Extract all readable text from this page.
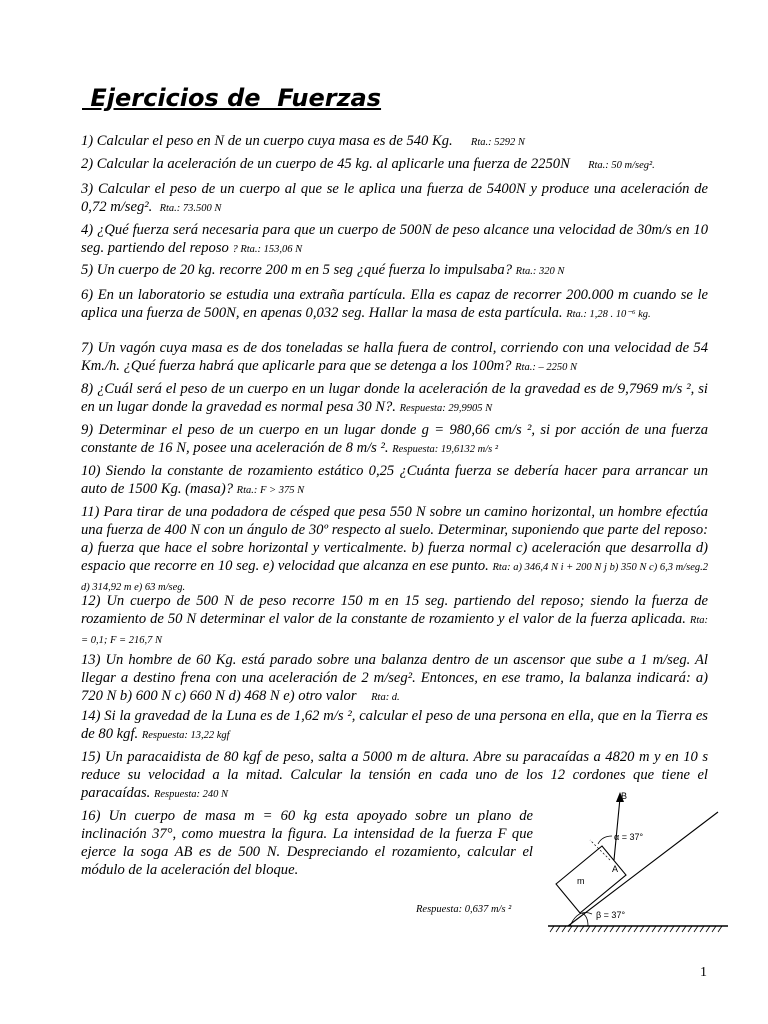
Ejercicios de  Fuerzas

1) Calcular el peso en N de un cuerpo cuya masa es de 540 Kg. Rta.: 5292 N

2) Calcular la aceleración de un cuerpo de 45 kg. al aplicarle una fuerza de 2250N Rta.: 50 m/seg².

3) Calcular el peso de un cuerpo al que se le aplica una fuerza de 5400N y produce una aceleración de 0,72 m/seg². Rta.: 73.500 N

4) ¿Qué fuerza será necesaria para que un cuerpo de 500N de peso alcance una velocidad de 30m/s en 10 seg. partiendo del reposo ? Rta.: 153,06 N

5) Un cuerpo de 20 kg. recorre 200 m en 5 seg ¿qué fuerza lo impulsaba? Rta.: 320 N

6) En un laboratorio se estudia una extraña partícula. Ella es capaz de recorrer 200.000 m cuando se le aplica una fuerza de 500N, en apenas 0,032 seg. Hallar la masa de esta partícula. Rta.: 1,28 . 10⁻⁶ kg.

7) Un vagón cuya masa es de dos toneladas se halla fuera de control, corriendo con una velocidad de 54 Km./h. ¿Qué fuerza habrá que aplicarle para que se detenga a los 100m? Rta.: – 2250 N

8) ¿Cuál será el peso de un cuerpo en un lugar donde la aceleración de la gravedad es de 9,7969 m/s ², si en un lugar donde la gravedad es normal pesa 30 N?. Respuesta: 29,9905 N

9) Determinar el peso de un cuerpo en un lugar donde g = 980,66 cm/s ², si por acción de una fuerza constante de 16 N, posee una aceleración de 8 m/s ². Respuesta: 19,6132 m/s ²

10) Siendo la constante de rozamiento estático 0,25 ¿Cuánta fuerza se debería hacer para arrancar un auto de 1500 Kg. (masa)? Rta.: F > 375 N

11) Para tirar de una podadora de césped que pesa 550 N sobre un camino horizontal, un hombre efectúa una fuerza de 400 N con un ángulo de 30º respecto al suelo. Determinar, suponiendo que parte del reposo: a) fuerza que hace el sobre horizontal y verticalmente. b) fuerza normal c) aceleración que desarrolla d) espacio que recorre en 10 seg. e) velocidad que alcanza en ese punto. Rta: a) 346,4 N i + 200 N j b) 350 N c) 6,3 m/seg.2 d) 314,92 m e) 63 m/seg.

12) Un cuerpo de 500 N de peso recorre 150 m en 15 seg. partiendo del reposo; siendo la fuerza de rozamiento de 50 N determinar el valor de la constante de rozamiento y el valor de la fuerza aplicada. Rta: = 0,1; F = 216,7 N

13) Un hombre de 60 Kg. está parado sobre una balanza dentro de un ascensor que sube a 1 m/seg. Al llegar a destino frena con una aceleración de 2 m/seg². Entonces, en ese tramo, la balanza indicará: a) 720 N b) 600 N c) 660 N d) 468 N e) otro valor Rta: d.

14) Si la gravedad de la Luna es de 1,62 m/s ², calcular el peso de una persona en ella, que en la Tierra es de 80 kgf. Respuesta: 13,22 kgf

15) Un paracaidista de 80 kgf de peso, salta a 5000 m de altura. Abre su paracaídas a 4820 m y en 10 s reduce su velocidad a la mitad. Calcular la tensión en cada uno de los 12 cordones que tiene el paracaídas. Respuesta: 240 N

16) Un cuerpo de masa m = 60 kg esta apoyado sobre un plano de inclinación 37°, como muestra la figura. La intensidad de la fuerza F que ejerce la soga AB es de 500 N. Despreciando el rozamiento, calcular el módulo de la aceleración del bloque.

Respuesta: 0,637 m/s ²
m
B
A
α = 37°
β = 37°
1
